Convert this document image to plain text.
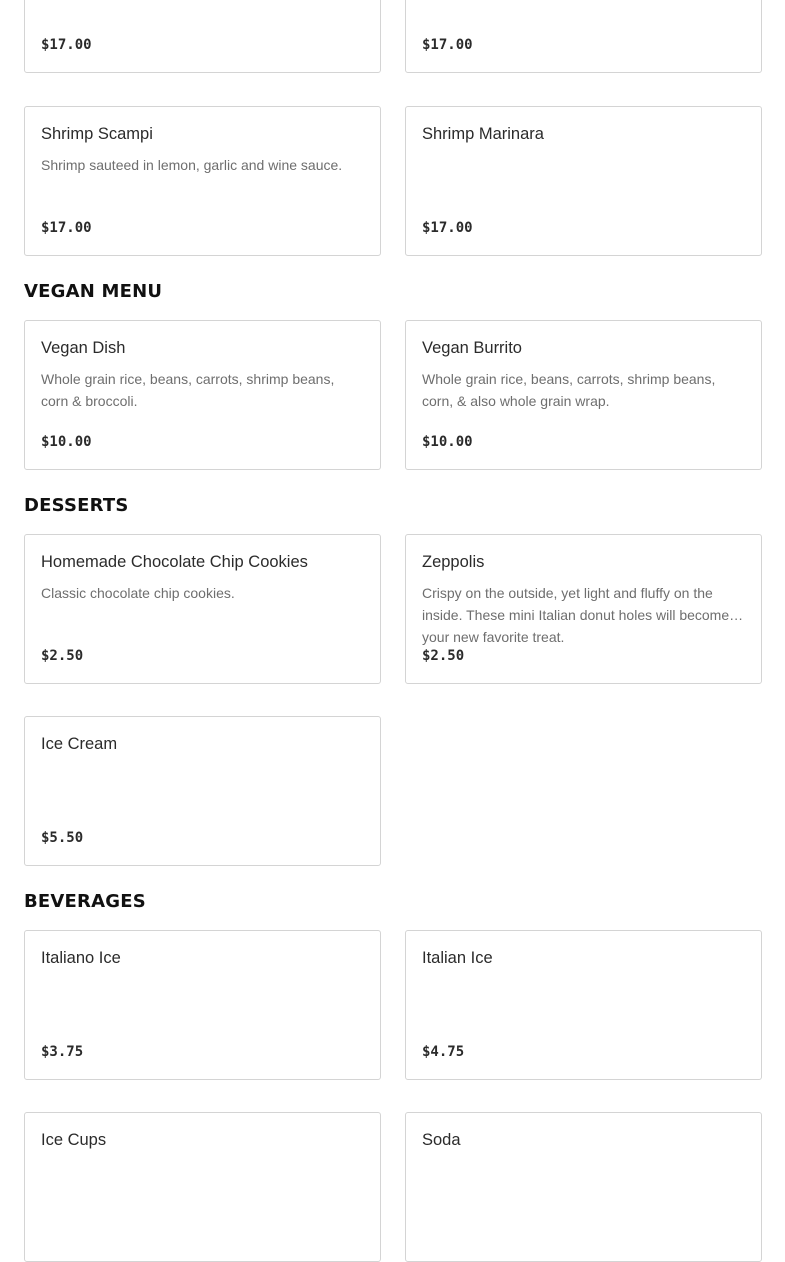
$17.00	$17.00
Shrimp Scampi
Shrimp sauteed in lemon, garlic and wine sauce.
$17.00
Shrimp Marinara
$17.00
VEGAN MENU
Vegan Dish
Whole grain rice, beans, carrots, shrimp beans, corn & broccoli.
$10.00
Vegan Burrito
Whole grain rice, beans, carrots, shrimp beans, corn, & also whole grain wrap.
$10.00
DESSERTS
Homemade Chocolate Chip Cookies
Classic chocolate chip cookies.
$2.50
Zeppolis
Crispy on the outside, yet light and fluffy on the inside. These mini Italian donut holes will become your new favorite treat.
$2.50
Ice Cream
$5.50
BEVERAGES
Italiano Ice
$3.75
Italian Ice
$4.75
Ice Cups	Soda
